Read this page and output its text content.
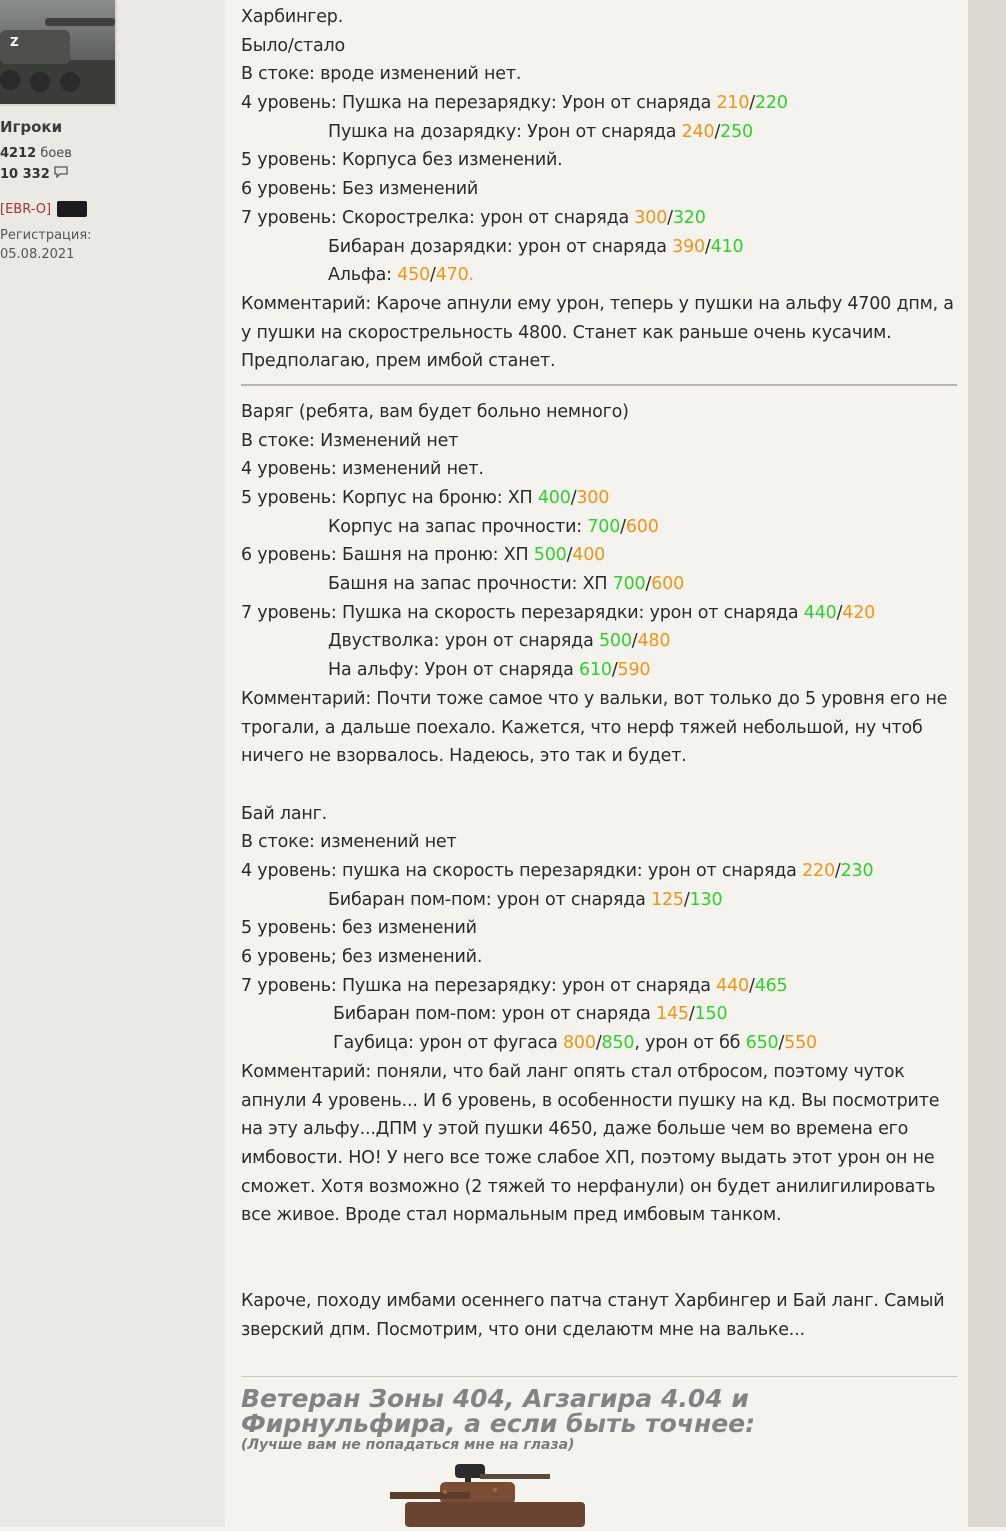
Z
Игроки
4212 боев
10 332
[EBR-O]
Регистрация:
05.08.2021
Харбингер.
Было/стало
В стоке: вроде изменений нет.
4 уровень: Пушка на перезарядку: Урон от снаряда 210/220
Пушка на дозарядку: Урон от снаряда 240/250
5 уровень: Корпуса без изменений.
6 уровень: Без изменений
7 уровень: Скорострелка: урон от снаряда 300/320
Бибаран дозарядки: урон от снаряда 390/410
Альфа: 450/470.
Комментарий: Кароче апнули ему урон, теперь у пушки на альфу 4700 дпм, а у пушки на скорострельность 4800. Станет как раньше очень кусачим. Предполагаю, прем имбой станет.
Варяг (ребята, вам будет больно немного)
В стоке: Изменений нет
4 уровень: изменений нет.
5 уровень: Корпус на броню: ХП 400/300
Корпус на запас прочности: 700/600
6 уровень: Башня на проню: ХП 500/400
Башня на запас прочности: ХП 700/600
7 уровень: Пушка на скорость перезарядки: урон от снаряда 440/420
Двустволка: урон от снаряда 500/480
На альфу: Урон от снаряда 610/590
Комментарий: Почти тоже самое что у вальки, вот только до 5 уровня его не трогали, а дальше поехало. Кажется, что нерф тяжей небольшой, ну чтоб ничего не взорвалось. Надеюсь, это так и будет.
Бай ланг.
В стоке: изменений нет
4 уровень: пушка на скорость перезарядки: урон от снаряда 220/230
Бибаран пом-пом: урон от снаряда 125/130
5 уровень: без изменений
6 уровень; без изменений.
7 уровень: Пушка на перезарядку: урон от снаряда 440/465
Бибаран пом-пом: урон от снаряда 145/150
Гаубица: урон от фугаса 800/850, урон от бб 650/550
Комментарий: поняли, что бай ланг опять стал отбросом, поэтому чуток апнули 4 уровень... И 6 уровень, в особенности пушку на кд. Вы посмотрите на эту альфу...ДПМ у этой пушки 4650, даже больше чем во времена его имбовости. НО! У него все тоже слабое ХП, поэтому выдать этот урон он не сможет. Хотя возможно (2 тяжей то нерфанули) он будет анилигилировать все живое. Вроде стал нормальным пред имбовым танком.
Кароче, походу имбами осеннего патча станут Харбингер и Бай ланг. Самый зверский дпм. Посмотрим, что они сделаютм мне на вальке...
Ветеран Зоны 404, Агзагира 4.04 и Фирнульфира, а если быть точнее:
(Лучше вам не попадаться мне на глаза)
